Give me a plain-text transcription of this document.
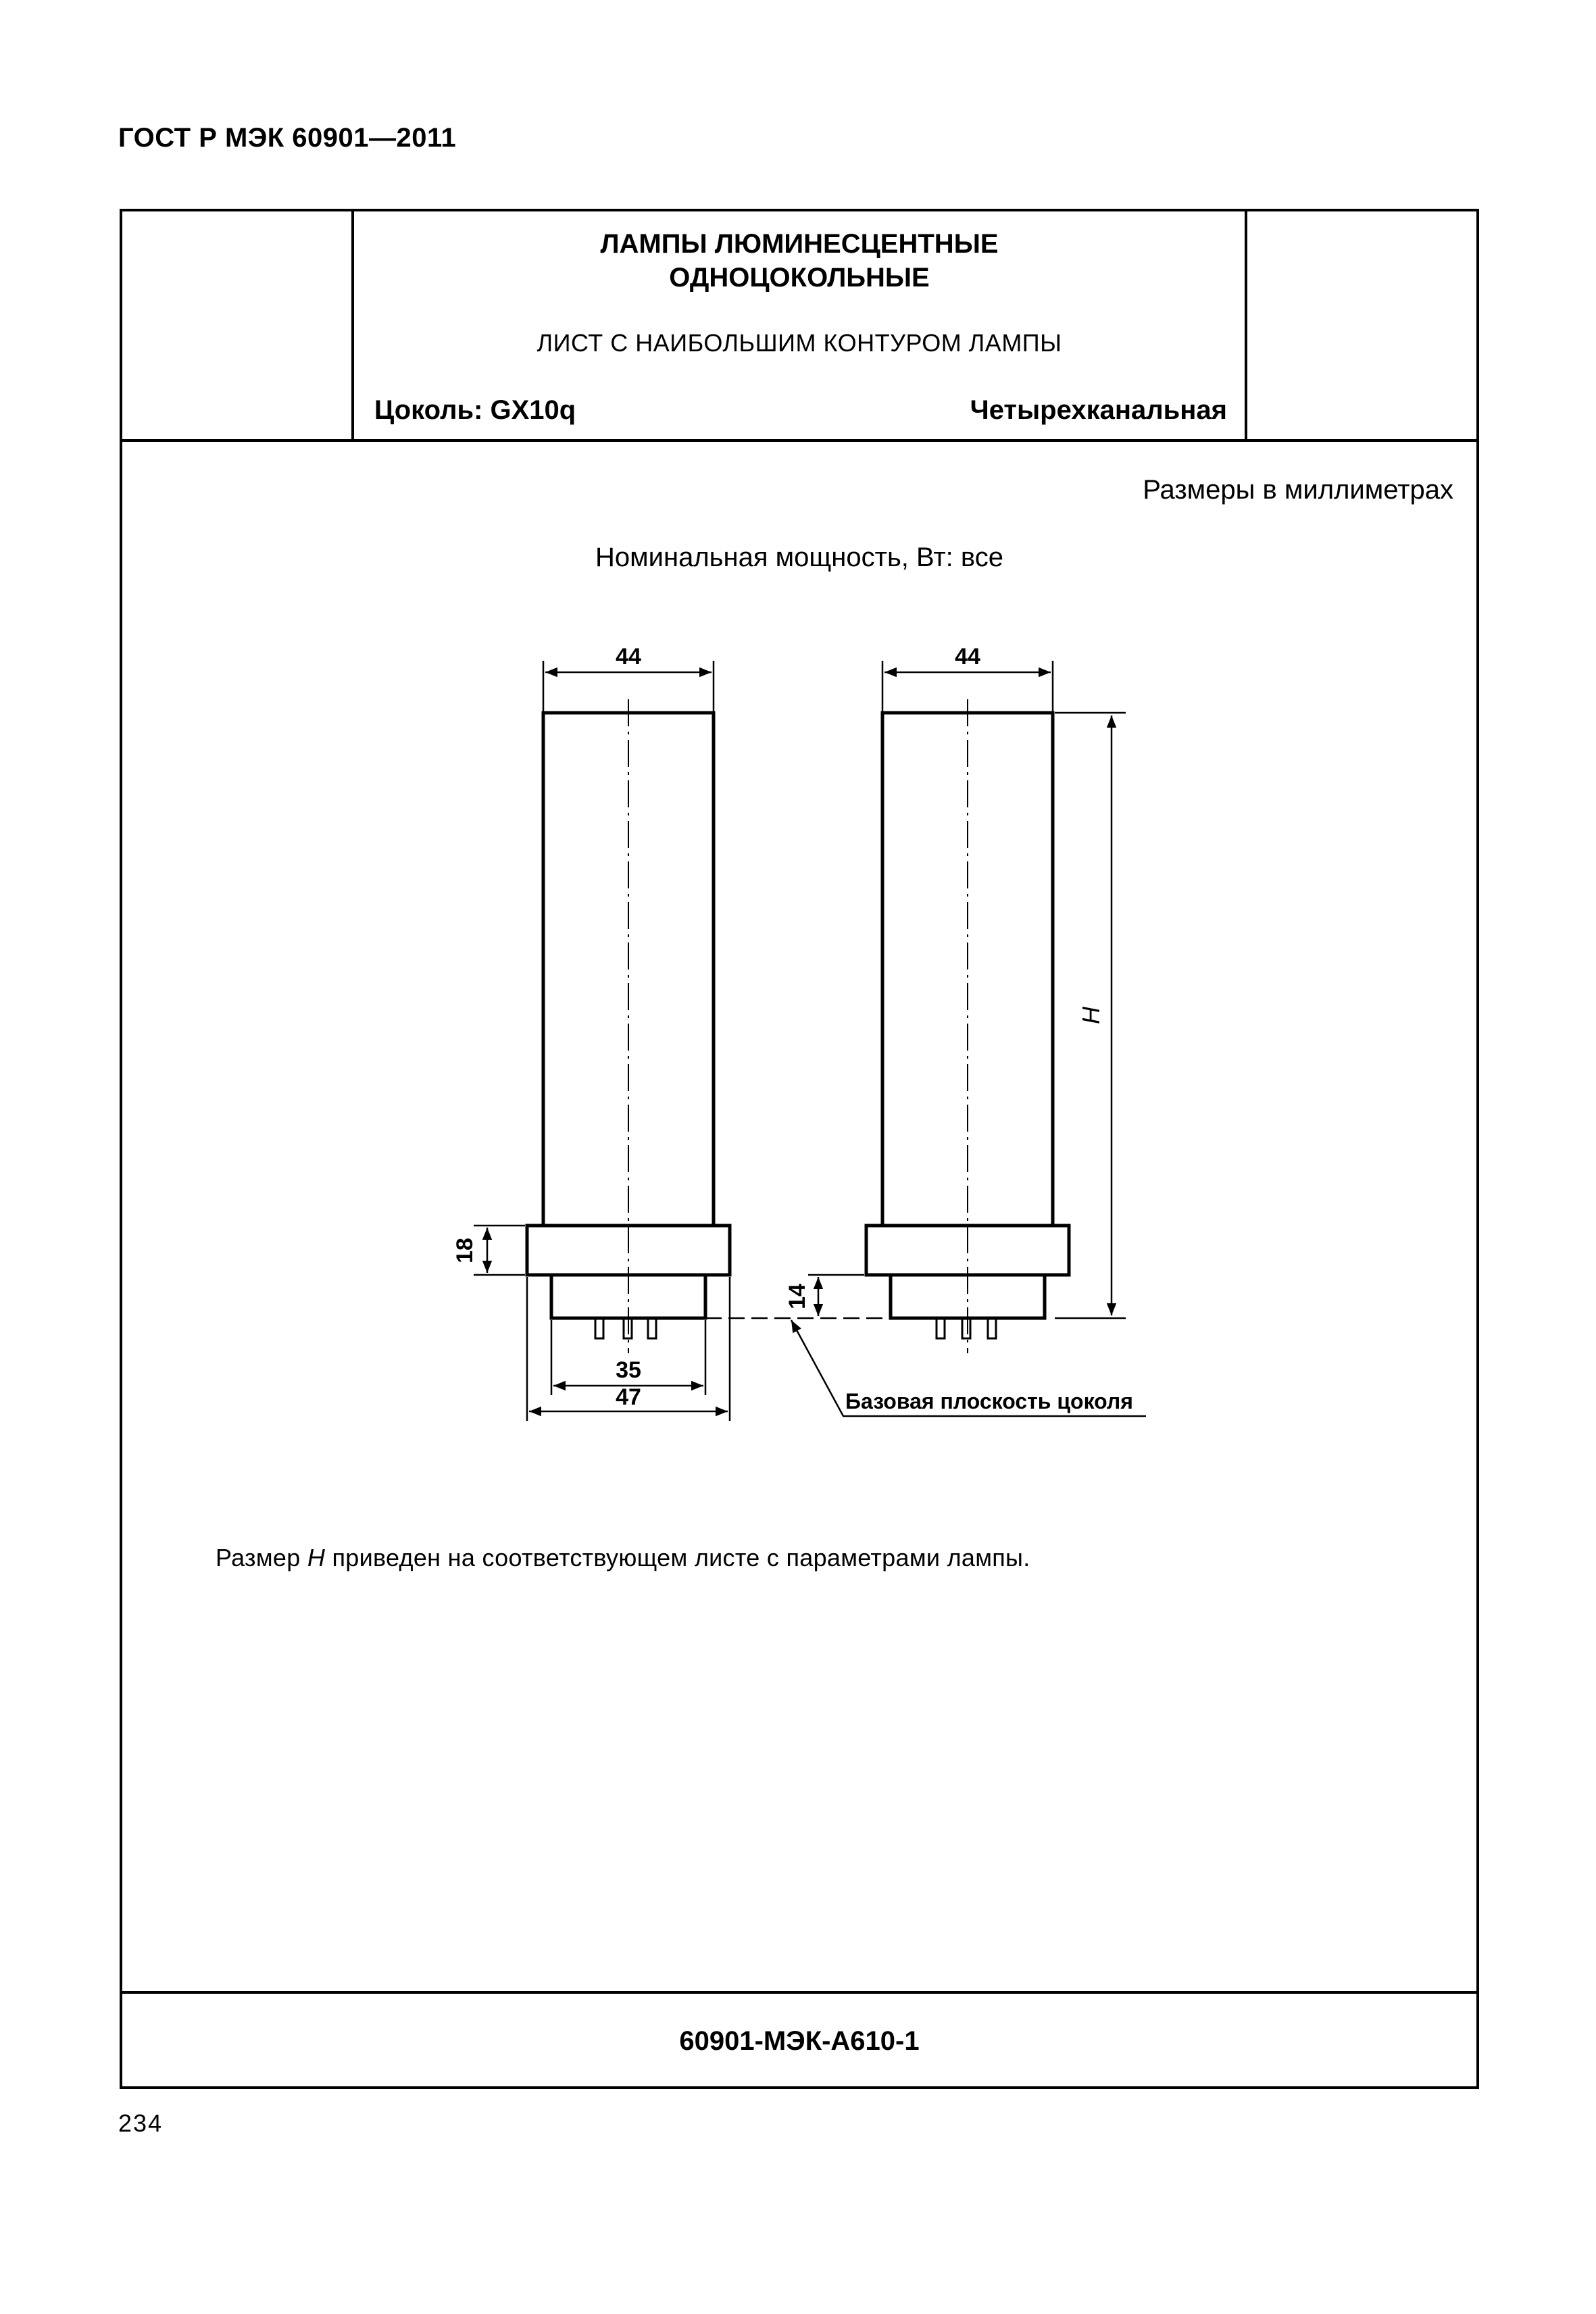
ГОСТ Р МЭК 60901—2011
ЛАМПЫ ЛЮМИНЕСЦЕНТНЫЕ
ОДНОЦОКОЛЬНЫЕ
ЛИСТ С НАИБОЛЬШИМ КОНТУРОМ ЛАМПЫ
Цоколь: GX10q	Четырехканальная
Размеры в миллиметрах
Номинальная мощность, Вт: все
44	44
H
18
14
35
47	Базовая плоскость цоколя
Размер H приведен на соответствующем листе с параметрами лампы.
60901-МЭК-А610-1
234
